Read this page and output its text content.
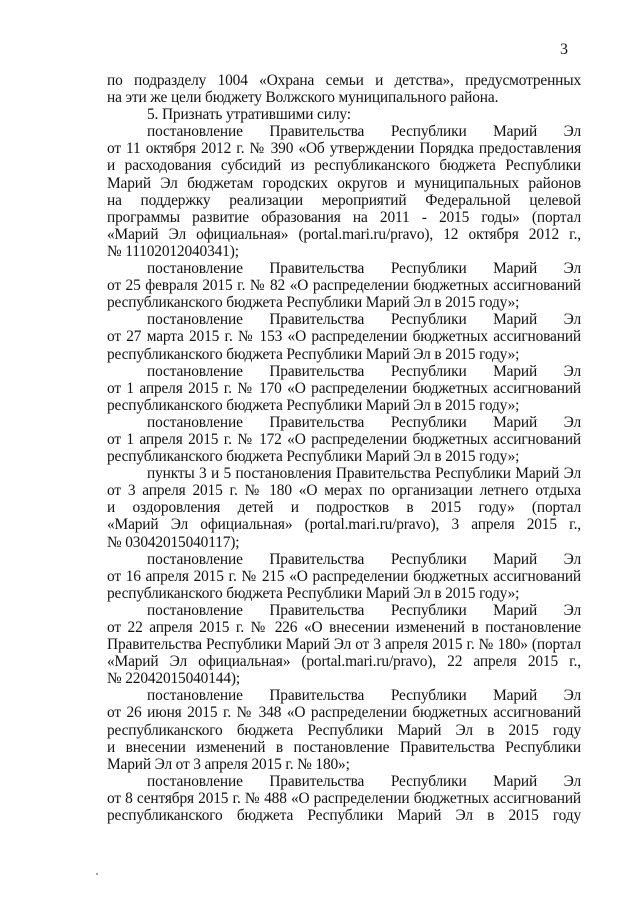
3
по подразделу 1004 «Охрана семьи и детства», предусмотренных
на эти же цели бюджету Волжского муниципального района.
5. Признать утратившими силу:
постановление Правительства Республики Марий Эл
от 11 октября 2012 г. № 390 «Об утверждении Порядка предоставления
и расходования субсидий из республиканского бюджета Республики
Марий Эл бюджетам городских округов и муниципальных районов
на поддержку реализации мероприятий Федеральной целевой
программы развитие образования на 2011 - 2015 годы» (портал
«Марий Эл официальная» (portal.mari.ru/pravo), 12 октября 2012 г.,
№ 11102012040341);
постановление Правительства Республики Марий Эл
от 25 февраля 2015 г. № 82 «О распределении бюджетных ассигнований
республиканского бюджета Республики Марий Эл в 2015 году»;
постановление Правительства Республики Марий Эл
от 27 марта 2015 г. № 153 «О распределении бюджетных ассигнований
республиканского бюджета Республики Марий Эл в 2015 году»;
постановление Правительства Республики Марий Эл
от 1 апреля 2015 г. № 170 «О распределении бюджетных ассигнований
республиканского бюджета Республики Марий Эл в 2015 году»;
постановление Правительства Республики Марий Эл
от 1 апреля 2015 г. № 172 «О распределении бюджетных ассигнований
республиканского бюджета Республики Марий Эл в 2015 году»;
пункты 3 и 5 постановления Правительства Республики Марий Эл
от 3 апреля 2015 г. № 180 «О мерах по организации летнего отдыха
и оздоровления детей и подростков в 2015 году» (портал
«Марий Эл официальная» (portal.mari.ru/pravo), 3 апреля 2015 г.,
№ 03042015040117);
постановление Правительства Республики Марий Эл
от 16 апреля 2015 г. № 215 «О распределении бюджетных ассигнований
республиканского бюджета Республики Марий Эл в 2015 году»;
постановление Правительства Республики Марий Эл
от 22 апреля 2015 г. № 226 «О внесении изменений в постановление
Правительства Республики Марий Эл от 3 апреля 2015 г. № 180» (портал
«Марий Эл официальная» (portal.mari.ru/pravo), 22 апреля 2015 г.,
№ 22042015040144);
постановление Правительства Республики Марий Эл
от 26 июня 2015 г. № 348 «О распределении бюджетных ассигнований
республиканского бюджета Республики Марий Эл в 2015 году
и внесении изменений в постановление Правительства Республики
Марий Эл от 3 апреля 2015 г. № 180»;
постановление Правительства Республики Марий Эл
от 8 сентября 2015 г. № 488 «О распределении бюджетных ассигнований
республиканского бюджета Республики Марий Эл в 2015 году
